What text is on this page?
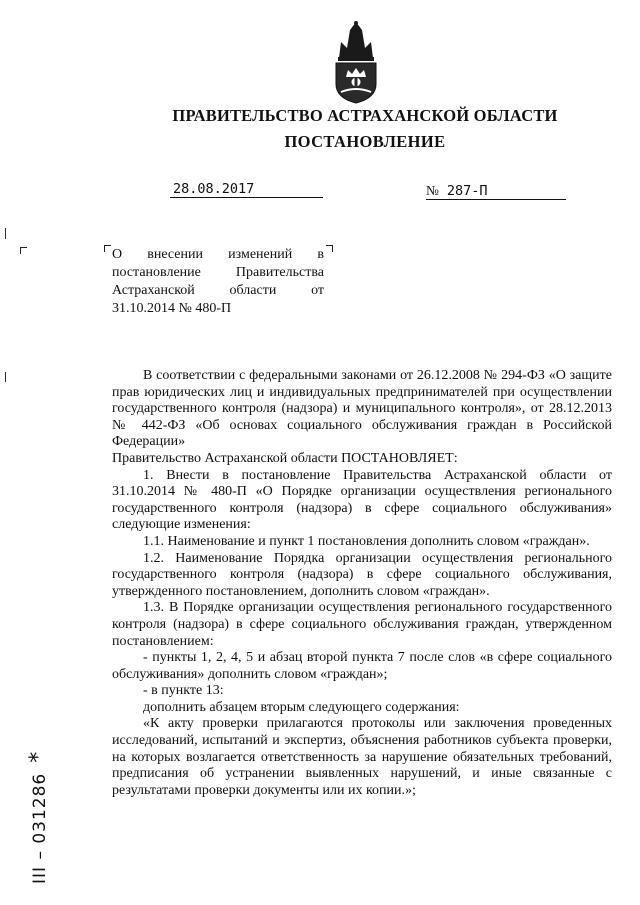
ПРАВИТЕЛЬСТВО АСТРАХАНСКОЙ ОБЛАСТИ
ПОСТАНОВЛЕНИЕ
28.08.2017	№ 287-П
О внесении изменений в
постановление Правительства
Астраханской области от
31.10.2014 № 480-П

В соответствии с федеральными законами от 26.12.2008 № 294-ФЗ «О защите прав юридических лиц и индивидуальных предпринимателей при осуществлении государственного контроля (надзора) и муниципального контроля», от 28.12.2013 № 442-ФЗ «Об основах социального обслуживания граждан в Российской Федерации»

Правительство Астраханской области ПОСТАНОВЛЯЕТ:

1. Внести в постановление Правительства Астраханской области от 31.10.2014 № 480-П «О Порядке организации осуществления регионального государственного контроля (надзора) в сфере социального обслуживания» следующие изменения:

1.1. Наименование и пункт 1 постановления дополнить словом «граждан».

1.2. Наименование Порядка организации осуществления регионального государственного контроля (надзора) в сфере социального обслуживания, утвержденного постановлением, дополнить словом «граждан».

1.3. В Порядке организации осуществления регионального государственного контроля (надзора) в сфере социального обслуживания граждан, утвержденном постановлением:

- пункты 1, 2, 4, 5 и абзац второй пункта 7 после слов «в сфере социального обслуживания» дополнить словом «граждан»;

- в пункте 13:

дополнить абзацем вторым следующего содержания:

«К акту проверки прилагаются протоколы или заключения проведенных исследований, испытаний и экспертиз, объяснения работников субъекта проверки, на которых возлагается ответственность за нарушение обязательных требований, предписания об устранении выявленных нарушений, и иные связанные с результатами проверки документы или их копии.»;

III – 031286*
